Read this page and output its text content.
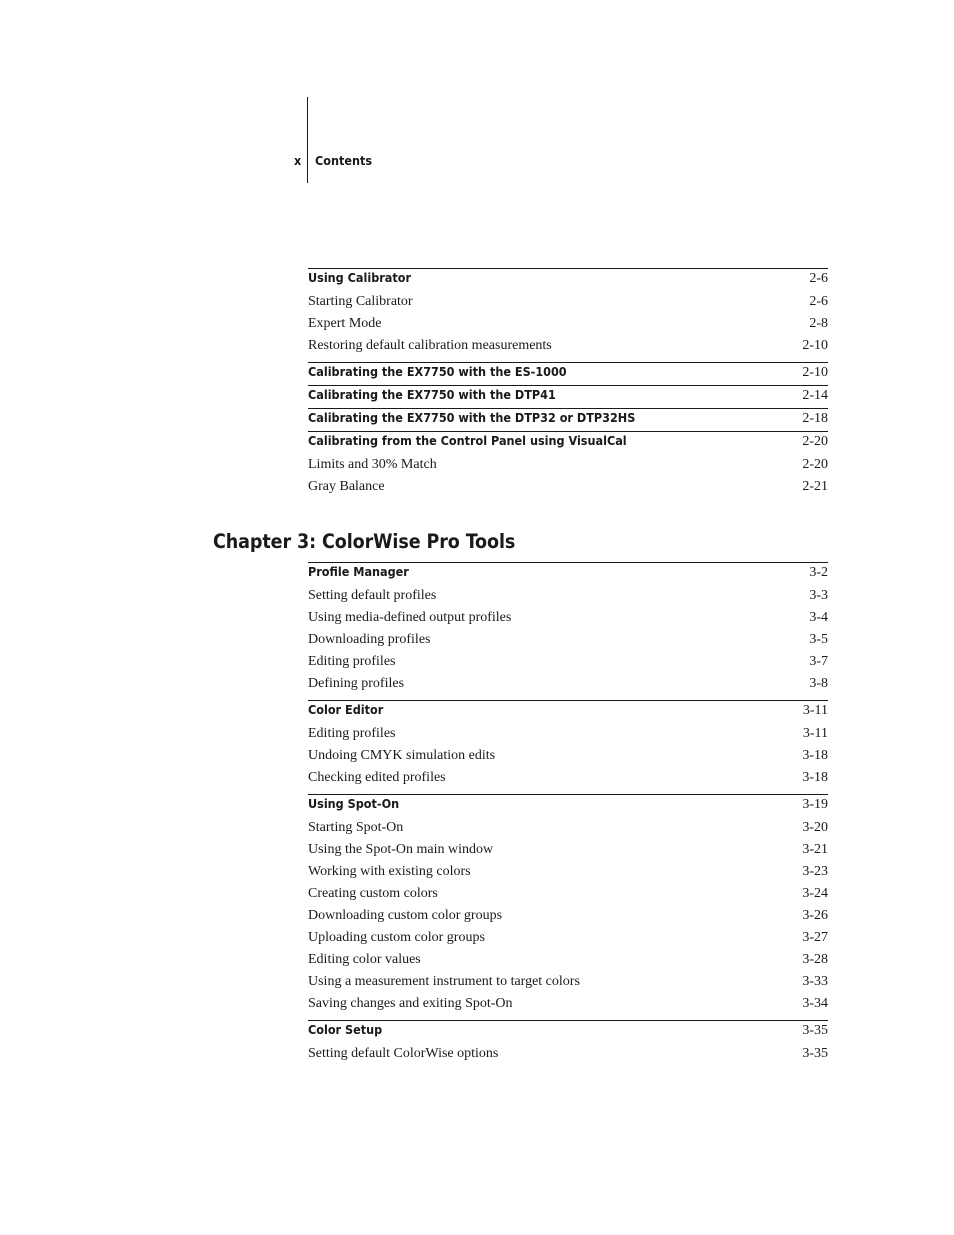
x Contents
Using Calibrator	2-6
Starting Calibrator	2-6
Expert Mode	2-8
Restoring default calibration measurements	2-10
Calibrating the EX7750 with the ES-1000	2-10
Calibrating the EX7750 with the DTP41	2-14
Calibrating the EX7750 with the DTP32 or DTP32HS	2-18
Calibrating from the Control Panel using VisualCal	2-20
Limits and 30% Match	2-20
Gray Balance	2-21
Chapter 3: ColorWise Pro Tools
Profile Manager	3-2
Setting default profiles	3-3
Using media-defined output profiles	3-4
Downloading profiles	3-5
Editing profiles	3-7
Defining profiles	3-8
Color Editor	3-11
Editing profiles	3-11
Undoing CMYK simulation edits	3-18
Checking edited profiles	3-18
Using Spot-On	3-19
Starting Spot-On	3-20
Using the Spot-On main window	3-21
Working with existing colors	3-23
Creating custom colors	3-24
Downloading custom color groups	3-26
Uploading custom color groups	3-27
Editing color values	3-28
Using a measurement instrument to target colors	3-33
Saving changes and exiting Spot-On	3-34
Color Setup	3-35
Setting default ColorWise options	3-35
